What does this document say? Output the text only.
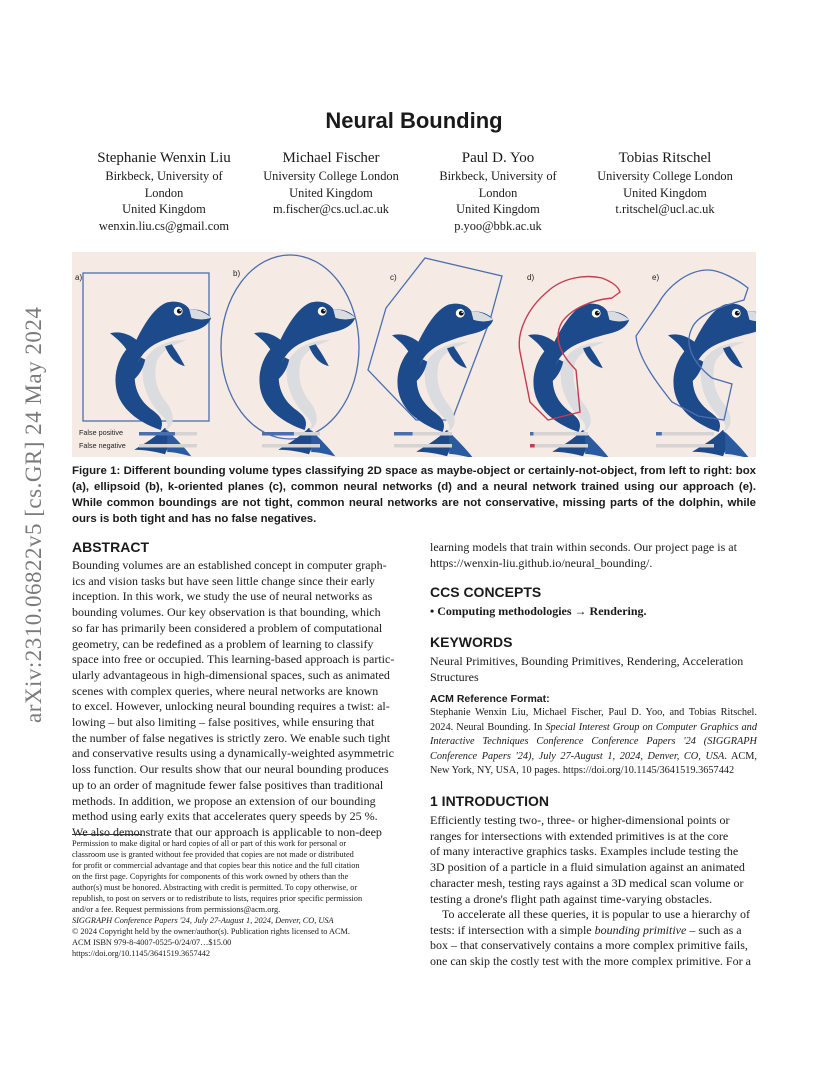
arXiv:2310.06822v5 [cs.GR] 24 May 2024
Neural Bounding
Stephanie Wenxin Liu
Birkbeck, University of
London
United Kingdom
wenxin.liu.cs@gmail.com
Michael Fischer
University College London
United Kingdom
m.fischer@cs.ucl.ac.uk
Paul D. Yoo
Birkbeck, University of
London
United Kingdom
p.yoo@bbk.ac.uk
Tobias Ritschel
University College London
United Kingdom
t.ritschel@ucl.ac.uk
a)	b)	c)	d)	e)
False positive
False negative
Figure 1: Different bounding volume types classifying 2D space as maybe-object or certainly-not-object, from left to right: box (a), ellipsoid (b), k-oriented planes (c), common neural networks (d) and a neural network trained using our approach (e). While common boundings are not tight, common neural networks are not conservative, missing parts of the dolphin, while ours is both tight and has no false negatives.
ABSTRACT
Bounding volumes are an established concept in computer graph-
ics and vision tasks but have seen little change since their early
inception. In this work, we study the use of neural networks as
bounding volumes. Our key observation is that bounding, which
so far has primarily been considered a problem of computational
geometry, can be redefined as a problem of learning to classify
space into free or occupied. This learning-based approach is partic-
ularly advantageous in high-dimensional spaces, such as animated
scenes with complex queries, where neural networks are known
to excel. However, unlocking neural bounding requires a twist: al-
lowing – but also limiting – false positives, while ensuring that
the number of false negatives is strictly zero. We enable such tight
and conservative results using a dynamically-weighted asymmetric
loss function. Our results show that our neural bounding produces
up to an order of magnitude fewer false positives than traditional
methods. In addition, we propose an extension of our bounding
method using early exits that accelerates query speeds by 25 %.
We also demonstrate that our approach is applicable to non-deep
Permission to make digital or hard copies of all or part of this work for personal or
classroom use is granted without fee provided that copies are not made or distributed
for profit or commercial advantage and that copies bear this notice and the full citation
on the first page. Copyrights for components of this work owned by others than the
author(s) must be honored. Abstracting with credit is permitted. To copy otherwise, or
republish, to post on servers or to redistribute to lists, requires prior specific permission
and/or a fee. Request permissions from permissions@acm.org.
SIGGRAPH Conference Papers '24, July 27-August 1, 2024, Denver, CO, USA
© 2024 Copyright held by the owner/author(s). Publication rights licensed to ACM.
ACM ISBN 979-8-4007-0525-0/24/07…$15.00
https://doi.org/10.1145/3641519.3657442
learning models that train within seconds. Our project page is at
https://wenxin-liu.github.io/neural_bounding/.
CCS CONCEPTS
• Computing methodologies → Rendering.
KEYWORDS
Neural Primitives, Bounding Primitives, Rendering, Acceleration
Structures
ACM Reference Format:
Stephanie Wenxin Liu, Michael Fischer, Paul D. Yoo, and Tobias Ritschel. 2024. Neural Bounding. In Special Interest Group on Computer Graphics and Interactive Techniques Conference Conference Papers '24 (SIGGRAPH Conference Papers '24), July 27-August 1, 2024, Denver, CO, USA. ACM, New York, NY, USA, 10 pages. https://doi.org/10.1145/3641519.3657442
1 INTRODUCTION
Efficiently testing two-, three- or higher-dimensional points or
ranges for intersections with extended primitives is at the core
of many interactive graphics tasks. Examples include testing the
3D position of a particle in a fluid simulation against an animated
character mesh, testing rays against a 3D medical scan volume or
testing a drone's flight path against time-varying obstacles.
To accelerate all these queries, it is popular to use a hierarchy of
tests: if intersection with a simple bounding primitive – such as a
box – that conservatively contains a more complex primitive fails,
one can skip the costly test with the more complex primitive. For a
